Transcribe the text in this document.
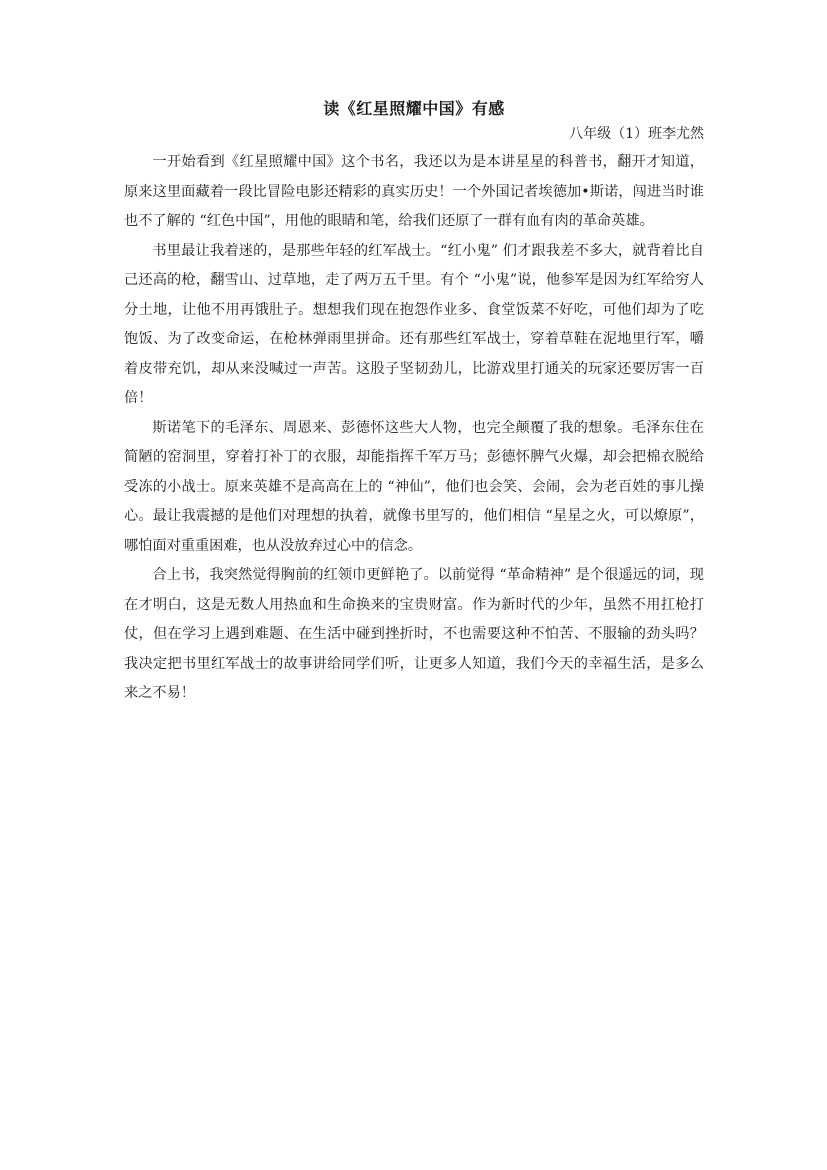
读《红星照耀中国》有感

八年级（1）班李尤然

一开始看到《红星照耀中国》这个书名，我还以为是本讲星星的科普书，翻开才知道，原来这里面藏着一段比冒险电影还精彩的真实历史！一个外国记者埃德加•斯诺，闯进当时谁也不了解的 “红色中国”，用他的眼睛和笔，给我们还原了一群有血有肉的革命英雄。

书里最让我着迷的，是那些年轻的红军战士。“红小鬼” 们才跟我差不多大，就背着比自己还高的枪，翻雪山、过草地，走了两万五千里。有个 “小鬼”说，他参军是因为红军给穷人分土地，让他不用再饿肚子。想想我们现在抱怨作业多、食堂饭菜不好吃，可他们却为了吃饱饭、为了改变命运，在枪林弹雨里拼命。还有那些红军战士，穿着草鞋在泥地里行军，嚼着皮带充饥，却从来没喊过一声苦。这股子坚韧劲儿，比游戏里打通关的玩家还要厉害一百倍！

斯诺笔下的毛泽东、周恩来、彭德怀这些大人物，也完全颠覆了我的想象。毛泽东住在简陋的窑洞里，穿着打补丁的衣服，却能指挥千军万马；彭德怀脾气火爆，却会把棉衣脱给受冻的小战士。原来英雄不是高高在上的 “神仙”，他们也会笑、会闹，会为老百姓的事儿操心。最让我震撼的是他们对理想的执着，就像书里写的，他们相信 “星星之火，可以燎原”，哪怕面对重重困难，也从没放弃过心中的信念。

合上书，我突然觉得胸前的红领巾更鲜艳了。以前觉得 “革命精神” 是个很遥远的词，现在才明白，这是无数人用热血和生命换来的宝贵财富。作为新时代的少年，虽然不用扛枪打仗，但在学习上遇到难题、在生活中碰到挫折时，不也需要这种不怕苦、不服输的劲头吗？我决定把书里红军战士的故事讲给同学们听，让更多人知道，我们今天的幸福生活，是多么来之不易！
